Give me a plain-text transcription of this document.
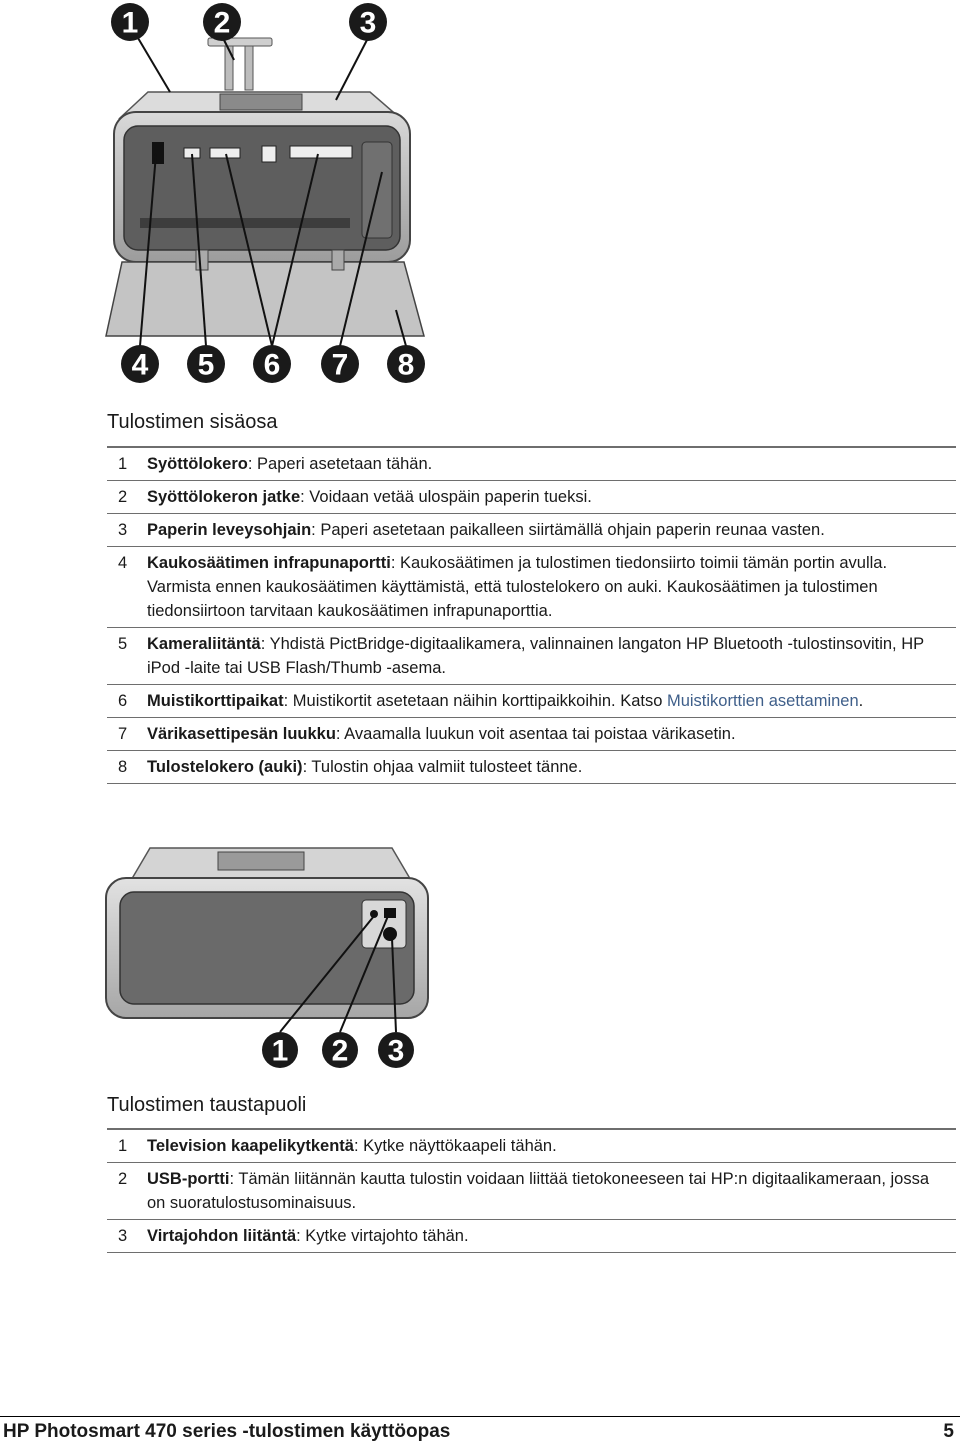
1	2	3
4 5 6 7 8
Tulostimen sisäosa
1	Syöttölokero: Paperi asetetaan tähän.
2	Syöttölokeron jatke: Voidaan vetää ulospäin paperin tueksi.
3	Paperin leveysohjain: Paperi asetetaan paikalleen siirtämällä ohjain paperin reunaa vasten.
4	Kaukosäätimen infrapunaportti: Kaukosäätimen ja tulostimen tiedonsiirto toimii tämän portin avulla. Varmista ennen kaukosäätimen käyttämistä, että tulostelokero on auki. Kaukosäätimen ja tulostimen tiedonsiirtoon tarvitaan kaukosäätimen infrapunaporttia.
5	Kameraliitäntä: Yhdistä PictBridge-digitaalikamera, valinnainen langaton HP Bluetooth -tulostinsovitin, HP iPod -laite tai USB Flash/Thumb -asema.
6	Muistikorttipaikat: Muistikortit asetetaan näihin korttipaikkoihin. Katso Muistikorttien asettaminen.
7	Värikasettipesän luukku: Avaamalla luukun voit asentaa tai poistaa värikasetin.
8	Tulostelokero (auki): Tulostin ohjaa valmiit tulosteet tänne.
1 2 3
Tulostimen taustapuoli
1	Television kaapelikytkentä: Kytke näyttökaapeli tähän.
2	USB-portti: Tämän liitännän kautta tulostin voidaan liittää tietokoneeseen tai HP:n digitaalikameraan, jossa on suoratulostusominaisuus.
3	Virtajohdon liitäntä: Kytke virtajohto tähän.
HP Photosmart 470 series -tulostimen käyttöopas	5
